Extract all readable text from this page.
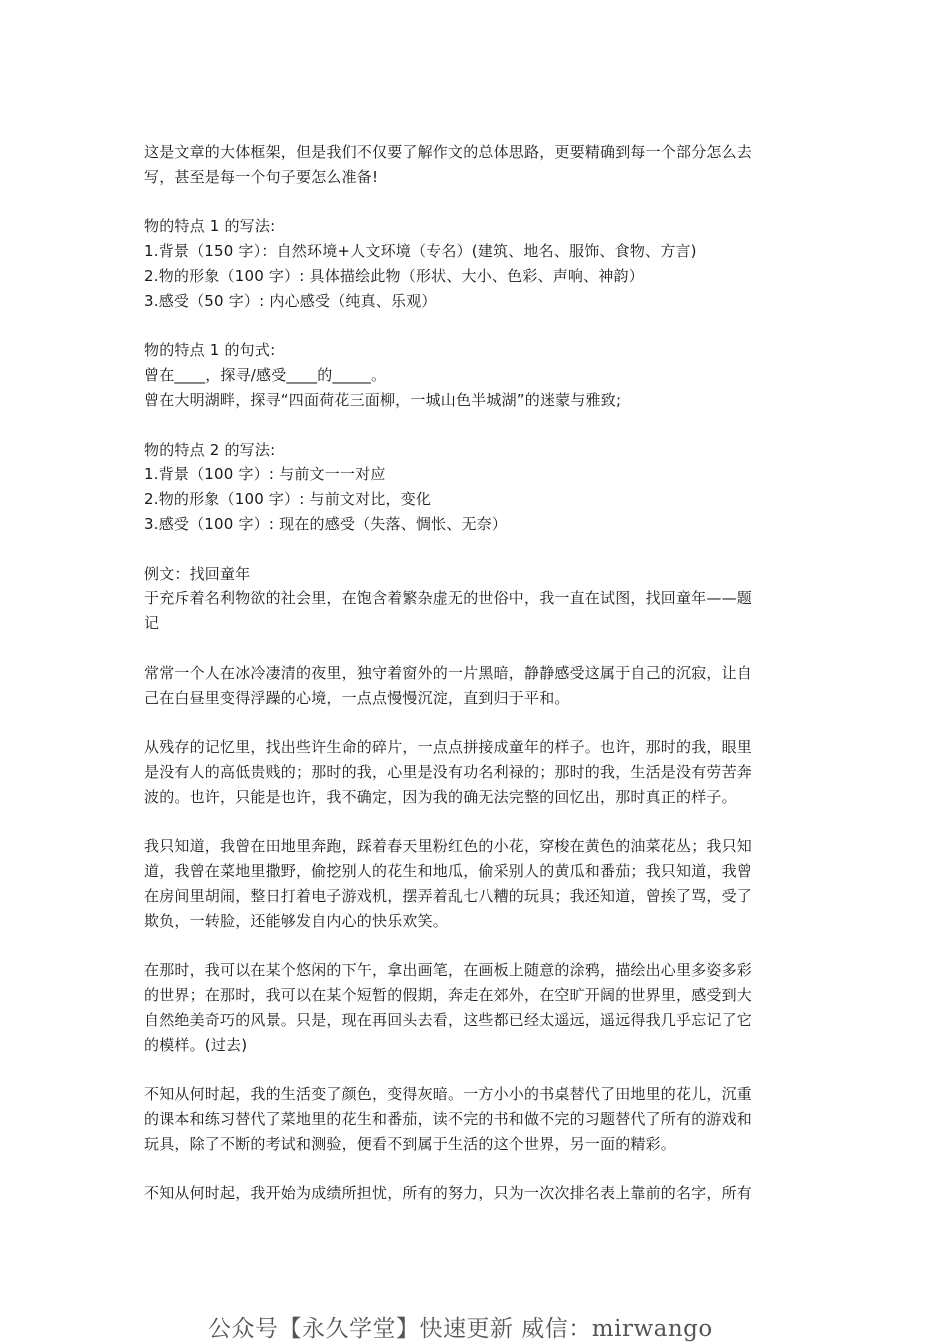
这是文章的大体框架，但是我们不仅要了解作文的总体思路，更要精确到每一个部分怎么去
写，甚至是每一个句子要怎么准备!
物的特点 1 的写法:
1.背景（150 字）：自然环境+人文环境（专名）(建筑、地名、服饰、食物、方言)
2.物的形象（100 字）: 具体描绘此物（形状、大小、色彩、声响、神韵）
3.感受（50 字）: 内心感受（纯真、乐观）
物的特点 1 的句式:
曾在____，探寻/感受____的_____。
曾在大明湖畔，探寻“四面荷花三面柳，一城山色半城湖”的迷蒙与雅致;
物的特点 2 的写法:
1.背景（100 字）: 与前文一一对应
2.物的形象（100 字）: 与前文对比，变化
3.感受（100 字）: 现在的感受（失落、惆怅、无奈）
例文：找回童年
于充斥着名利物欲的社会里，在饱含着繁杂虚无的世俗中，我一直在试图，找回童年——题
记
常常一个人在冰冷凄清的夜里，独守着窗外的一片黑暗，静静感受这属于自己的沉寂，让自
己在白昼里变得浮躁的心境，一点点慢慢沉淀，直到归于平和。
从残存的记忆里，找出些许生命的碎片，一点点拼接成童年的样子。也许，那时的我，眼里
是没有人的高低贵贱的；那时的我，心里是没有功名利禄的；那时的我，生活是没有劳苦奔
波的。也许，只能是也许，我不确定，因为我的确无法完整的回忆出，那时真正的样子。
我只知道，我曾在田地里奔跑，踩着春天里粉红色的小花，穿梭在黄色的油菜花丛；我只知
道，我曾在菜地里撒野，偷挖别人的花生和地瓜，偷采别人的黄瓜和番茄；我只知道，我曾
在房间里胡闹，整日打着电子游戏机，摆弄着乱七八糟的玩具；我还知道，曾挨了骂，受了
欺负，一转脸，还能够发自内心的快乐欢笑。
在那时，我可以在某个悠闲的下午，拿出画笔，在画板上随意的涂鸦，描绘出心里多姿多彩
的世界；在那时，我可以在某个短暂的假期，奔走在郊外，在空旷开阔的世界里，感受到大
自然绝美奇巧的风景。只是，现在再回头去看，这些都已经太遥远，遥远得我几乎忘记了它
的模样。(过去)
不知从何时起，我的生活变了颜色，变得灰暗。一方小小的书桌替代了田地里的花儿，沉重
的课本和练习替代了菜地里的花生和番茄，读不完的书和做不完的习题替代了所有的游戏和
玩具，除了不断的考试和测验，便看不到属于生活的这个世界，另一面的精彩。
不知从何时起，我开始为成绩所担忧，所有的努力，只为一次次排名表上靠前的名字，所有
公众号【永久学堂】快速更新 威信：mirwango
